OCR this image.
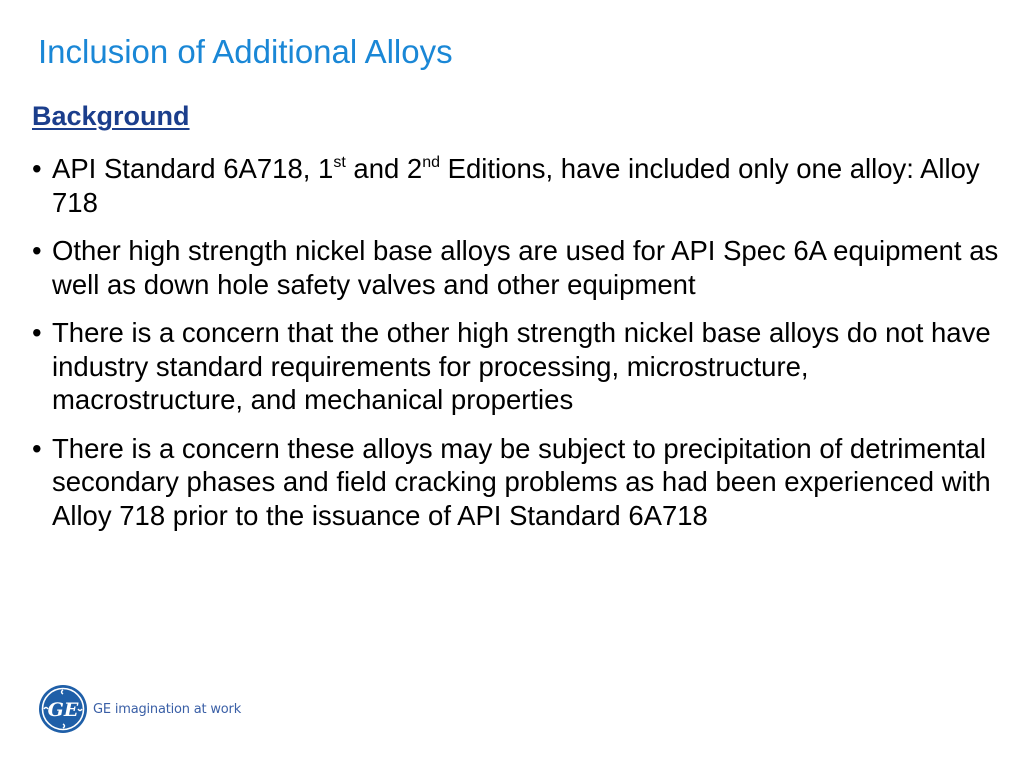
Inclusion of Additional Alloys
Background
• API Standard 6A718, 1st and 2nd Editions, have included only one alloy: Alloy 718
• Other high strength nickel base alloys are used for API Spec 6A equipment as well as down hole safety valves and other equipment
• There is a concern that the other high strength nickel base alloys do not have industry standard requirements for processing, microstructure, macrostructure, and mechanical properties
• There is a concern these alloys may be subject to precipitation of detrimental secondary phases and field cracking problems as had been experienced with Alloy 718 prior to the issuance of API Standard 6A718
GE GE imagination at work
